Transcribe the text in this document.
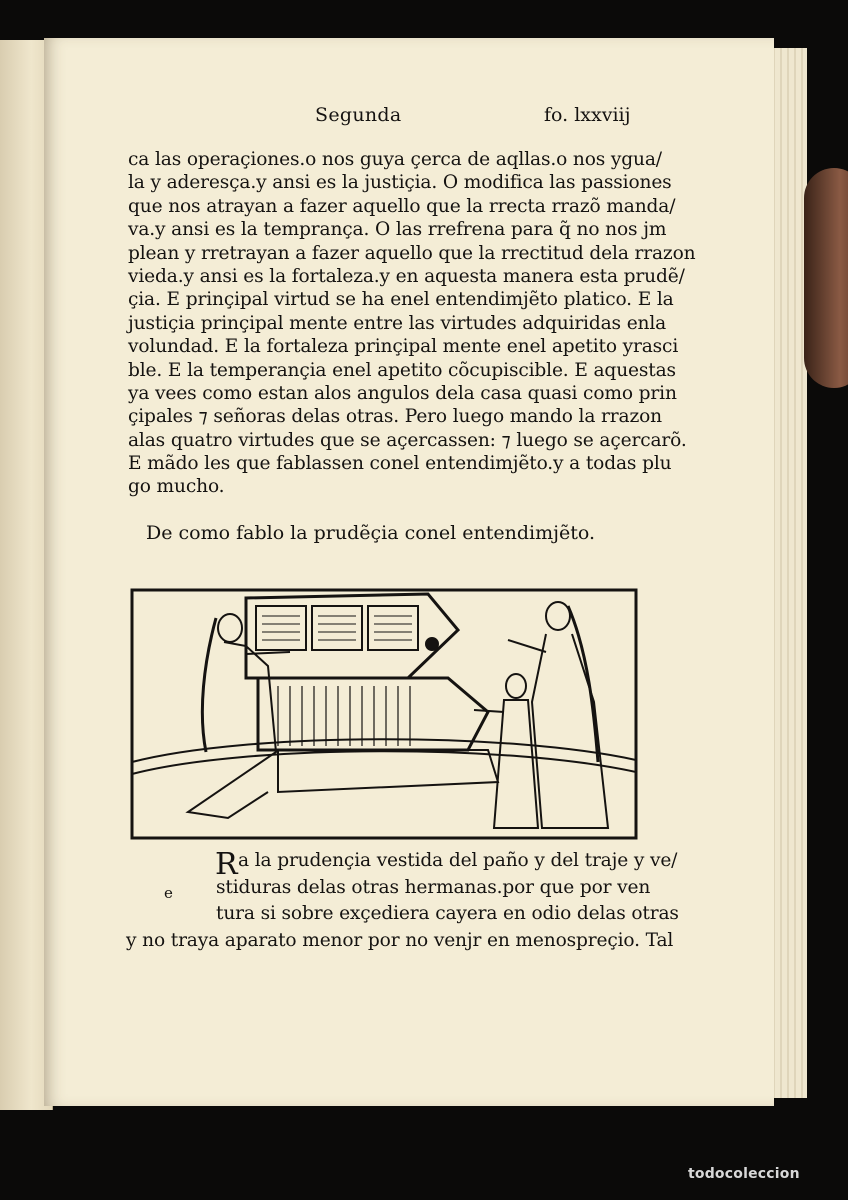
Segunda	fo. lxxviij
ca las operaçiones.o nos guya çerca de aqllas.o nos ygua/
la y aderesça.y ansi es la justiçia. O modifica las passiones
que nos atrayan a fazer aquello que la rrecta rrazõ manda/
va.y ansi es la temprança. O las rrefrena para q̃ no nos jm
plean y rretrayan a fazer aquello que la rrectitud dela rrazon
vieda.y ansi es la fortaleza.y en aquesta manera esta prudẽ/
çia. E prinçipal virtud se ha enel entendimjẽto platico. E la
justiçia prinçipal mente entre las virtudes adquiridas enla
volundad. E la fortaleza prinçipal mente enel apetito yrasci
ble. E la temperançia enel apetito cõcupiscible. E aquestas
ya vees como estan alos angulos dela casa quasi como prin
çipales ⁊ señoras delas otras. Pero luego mando la rrazon
alas quatro virtudes que se açercassen: ⁊ luego se açercarõ.
E mãdo les que fablassen conel entendimjẽto.y a todas plu
go mucho.
De como fablo la prudẽçia conel entendimjẽto.
R
e
a la prudençia vestida del paño y del traje y ve/
stiduras delas otras hermanas.por que por ven
tura si sobre exçediera cayera en odio delas otras
y no traya aparato menor por no venjr en menospreçio. Tal
todocoleccion
